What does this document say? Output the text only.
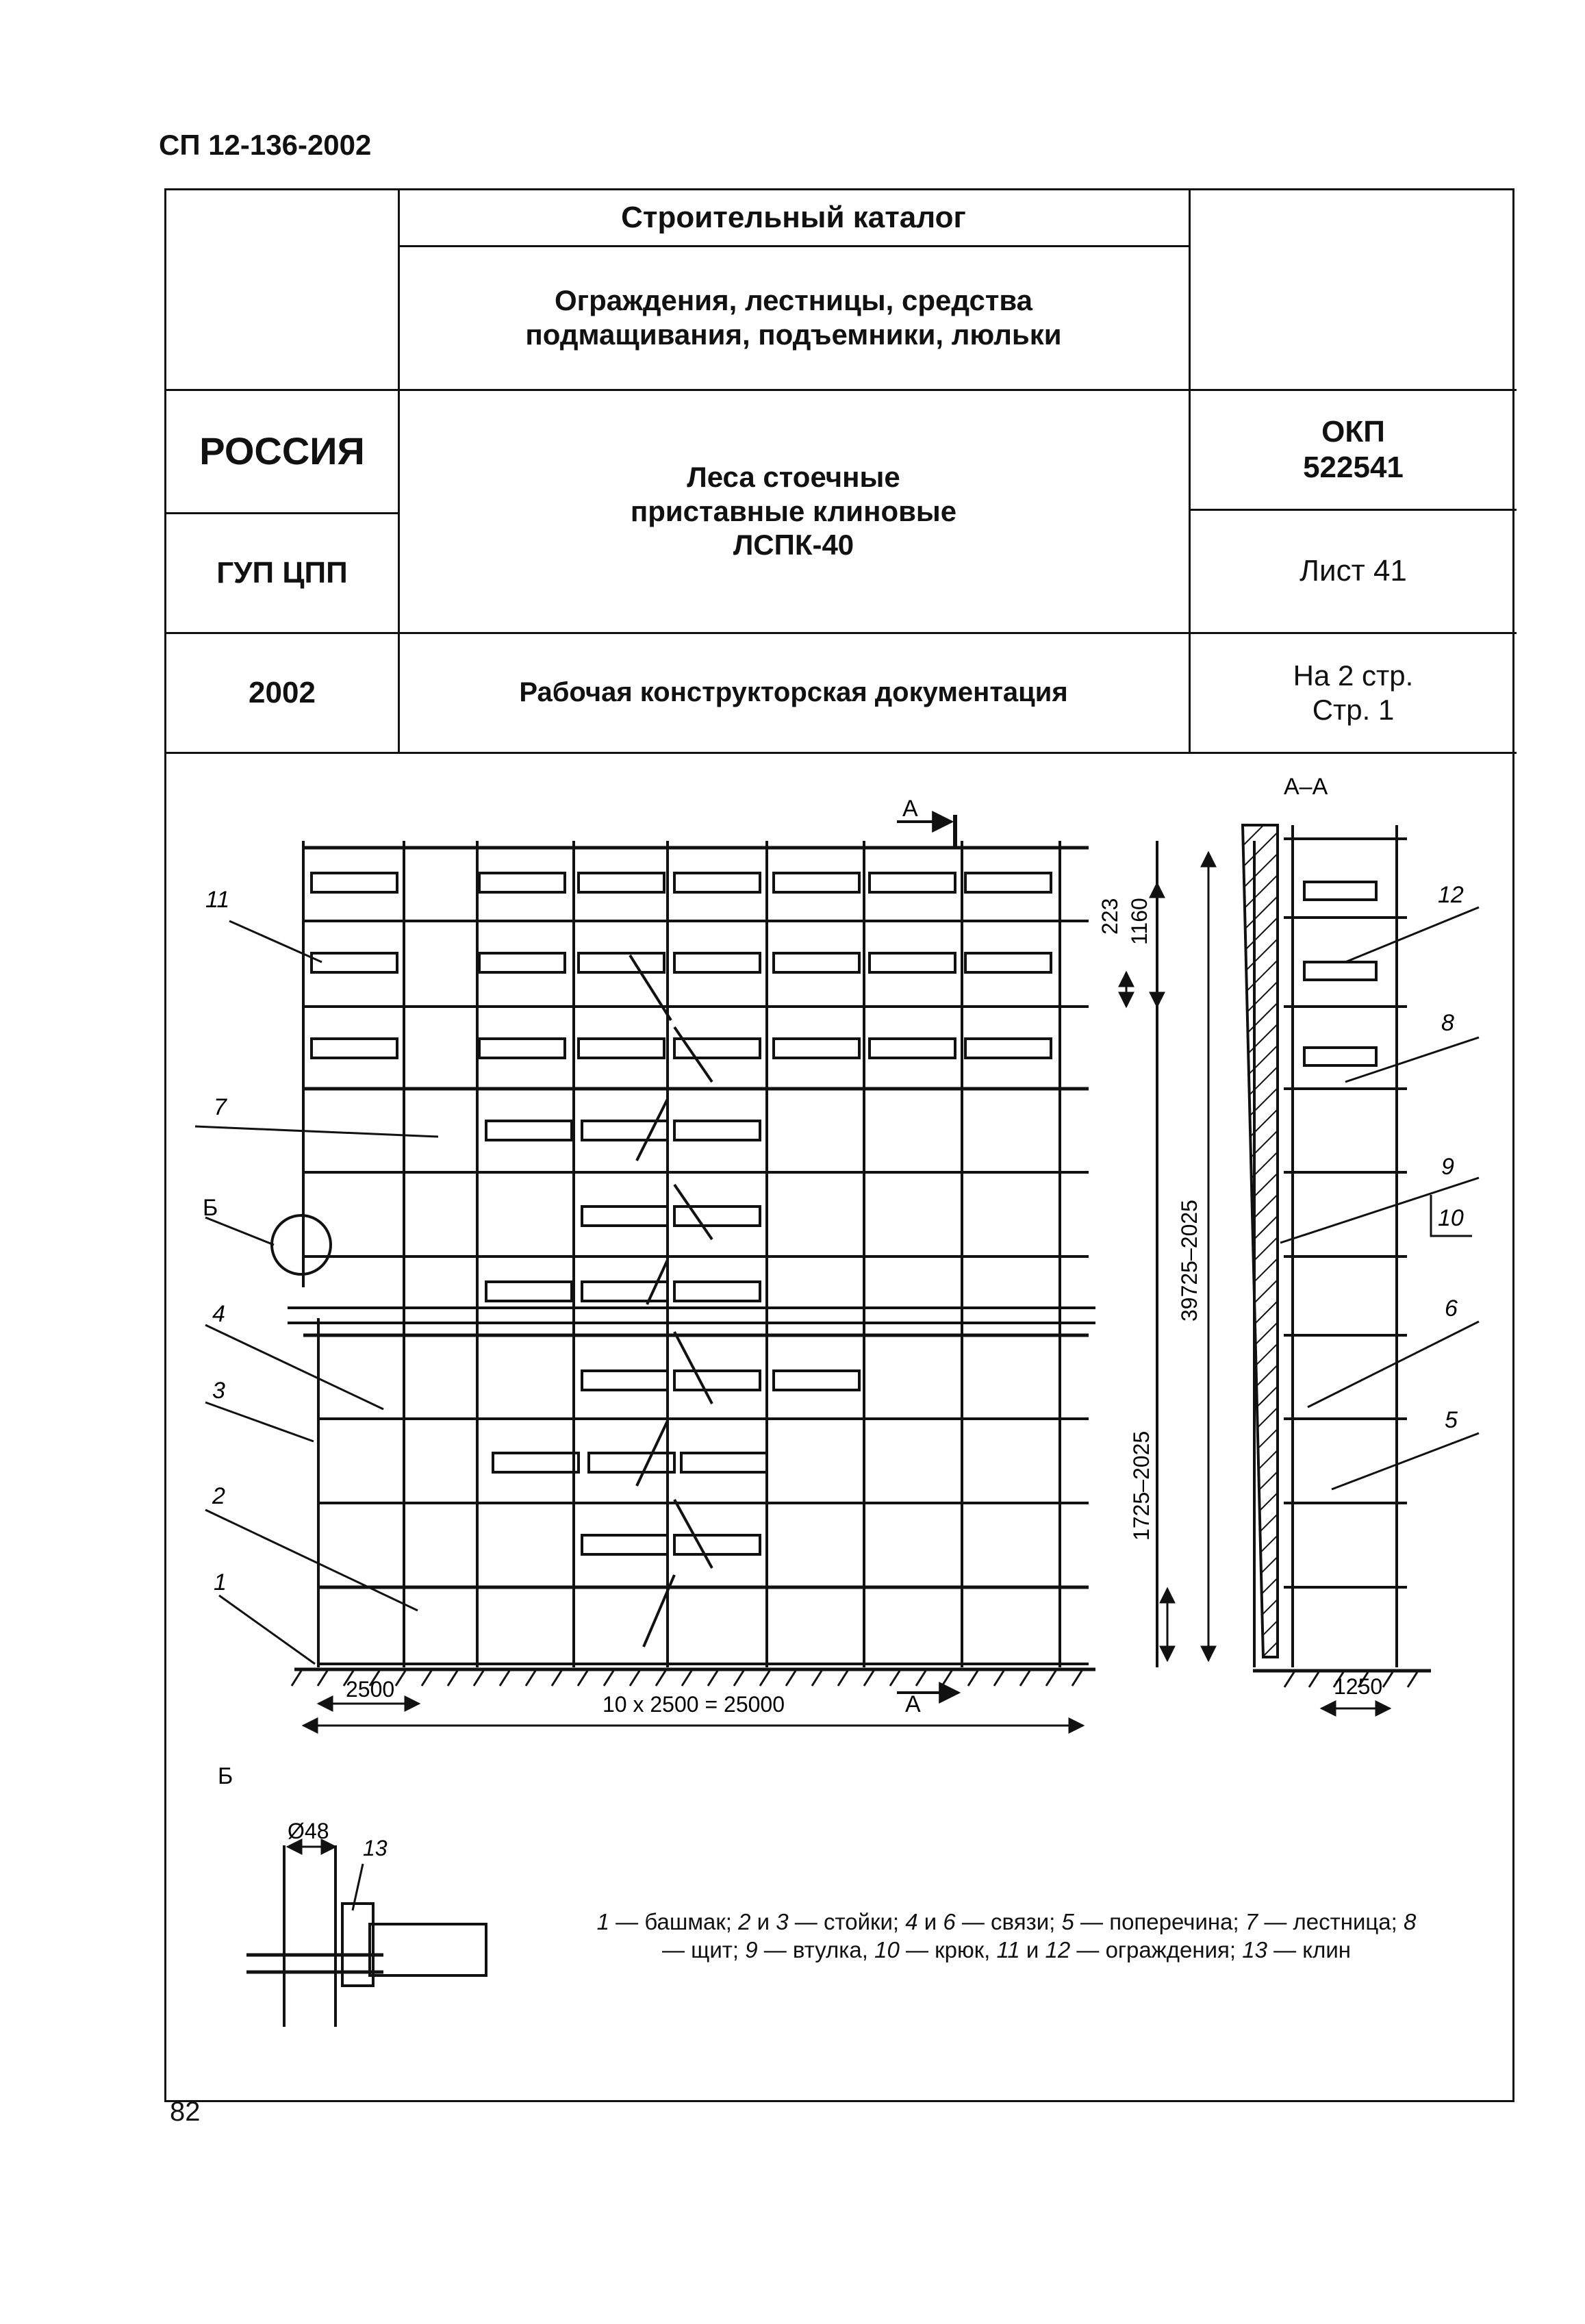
СП 12-136-2002
Строительный каталог
Ограждения, лестницы, средства
подмащивания, подъемники, люльки
РОССИЯ
ГУП ЦПП
Леса стоечные
приставные клиновые
ЛСПК-40
ОКП
522541
Лист 41
2002	Рабочая конструкторская документация
На 2 стр.
Стр. 1
А
А
А–А
2500
10 x 2500 = 25000
1250
223 1160
39725–2025
1725–2025
Б
Б
Ø48
1
2
3
4
7
11	12
8
9
10
6
5
13
1 — башмак; 2 и 3 — стойки; 4 и 6 — связи; 5 — поперечина; 7 — лестница; 8 — щит; 9 — втулка, 10 — крюк, 11 и 12 — ограждения; 13 — клин
82
